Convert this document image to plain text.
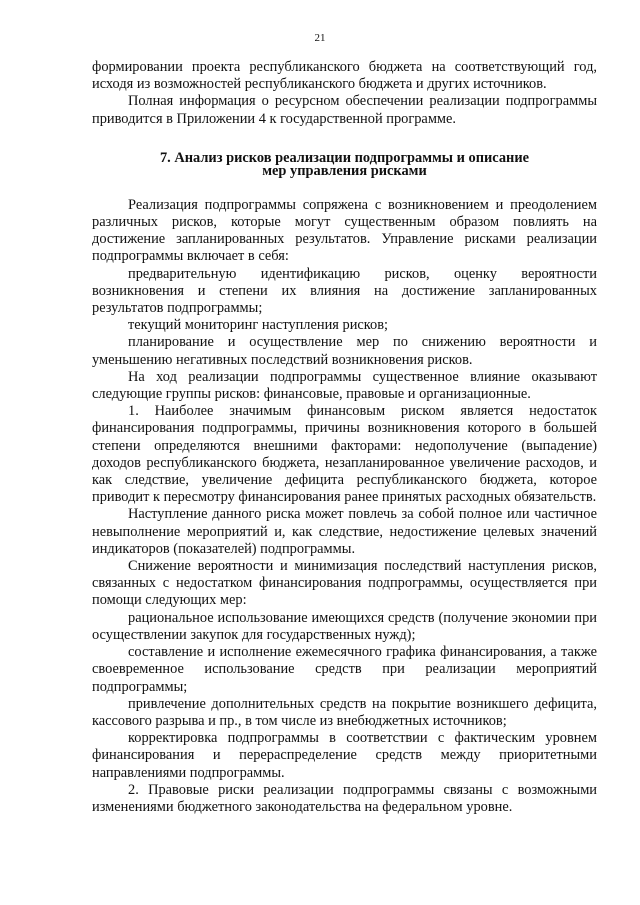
21

формировании проекта республиканского бюджета на соответствующий год, исходя из возможностей республиканского бюджета и других источников.

Полная информация о ресурсном обеспечении реализации подпрограммы приводится в Приложении 4 к государственной программе.

7. Анализ рисков реализации подпрограммы и описание
мер управления рисками

Реализация подпрограммы сопряжена с возникновением и преодолением различных рисков, которые могут существенным образом повлиять на достижение запланированных результатов. Управление рисками реализации подпрограммы включает в себя:

предварительную идентификацию рисков, оценку вероятности возникновения и степени их влияния на достижение запланированных результатов подпрограммы;

текущий мониторинг наступления рисков;

планирование и осуществление мер по снижению вероятности и уменьшению негативных последствий возникновения рисков.

На ход реализации подпрограммы существенное влияние оказывают следующие группы рисков: финансовые, правовые и организационные.

1. Наиболее значимым финансовым риском является недостаток финансирования подпрограммы, причины возникновения которого в большей степени определяются внешними факторами: недополучение (выпадение) доходов республиканского бюджета, незапланированное увеличение расходов, и как следствие, увеличение дефицита республиканского бюджета, которое приводит к пересмотру финансирования ранее принятых расходных обязательств.

Наступление данного риска может повлечь за собой полное или частичное невыполнение мероприятий и, как следствие, недостижение целевых значений индикаторов (показателей) подпрограммы.

Снижение вероятности и минимизация последствий наступления рисков, связанных с недостатком финансирования подпрограммы, осуществляется при помощи следующих мер:

рациональное использование имеющихся средств (получение экономии при осуществлении закупок для государственных нужд);

составление и исполнение ежемесячного графика финансирования, а также своевременное использование средств при реализации мероприятий подпрограммы;

привлечение дополнительных средств на покрытие возникшего дефицита, кассового разрыва и пр., в том числе из внебюджетных источников;

корректировка подпрограммы в соответствии с фактическим уровнем финансирования и перераспределение средств между приоритетными направлениями подпрограммы.

2. Правовые риски реализации подпрограммы связаны с возможными изменениями бюджетного законодательства на федеральном уровне.
